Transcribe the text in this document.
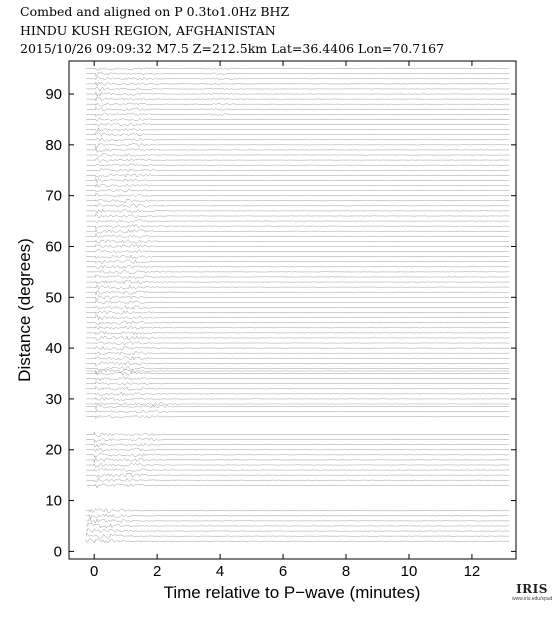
Combed and aligned on P 0.3to1.0Hz BHZ
HINDU KUSH REGION, AFGHANISTAN
2015/10/26 09:09:32 M7.5 Z=212.5km Lat=36.4406 Lon=70.7167
0	2	4	6	8	10	12
0
10
20
30
40
50
60
70
80
90
Time relative to P−wave (minutes)
Distance (degrees)
IRIS
www.iris.edu/spud
